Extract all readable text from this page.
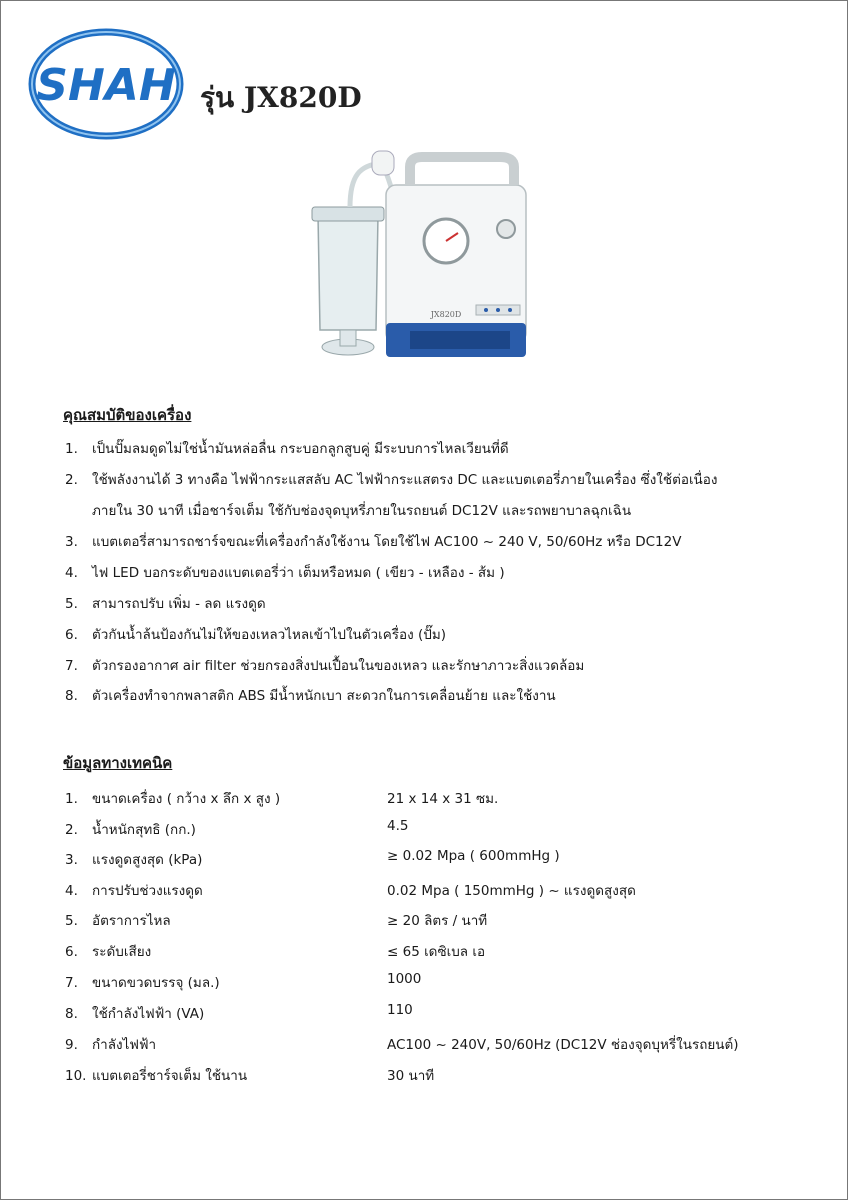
SHAH รุ่น JX820D
JX820D
คุณสมบัติของเครื่อง
1. เป็นปั๊มลมดูดไม่ใช่น้ำมันหล่อลื่น กระบอกลูกสูบคู่ มีระบบการไหลเวียนที่ดี
2. ใช้พลังงานได้ 3 ทางคือ ไฟฟ้ากระแสสลับ AC ไฟฟ้ากระแสตรง DC และแบตเตอรี่ภายในเครื่อง ซึ่งใช้ต่อเนื่อง
ภายใน 30 นาที เมื่อชาร์จเต็ม ใช้กับช่องจุดบุหรี่ภายในรถยนต์ DC12V และรถพยาบาลฉุกเฉิน
3. แบตเตอรี่สามารถชาร์จขณะที่เครื่องกำลังใช้งาน โดยใช้ไฟ AC100 ~ 240 V, 50/60Hz หรือ DC12V
4. ไฟ LED บอกระดับของแบตเตอรี่ว่า เต็มหรือหมด ( เขียว - เหลือง - ส้ม )
5. สามารถปรับ เพิ่ม - ลด แรงดูด
6. ตัวกันน้ำล้นป้องกันไม่ให้ของเหลวไหลเข้าไปในตัวเครื่อง (ปั๊ม)
7. ตัวกรองอากาศ air filter ช่วยกรองสิ่งปนเปื้อนในของเหลว และรักษาภาวะสิ่งแวดล้อม
8. ตัวเครื่องทำจากพลาสติก ABS มีน้ำหนักเบา สะดวกในการเคลื่อนย้าย และใช้งาน
ข้อมูลทางเทคนิค
1. ขนาดเครื่อง ( กว้าง x ลึก x สูง )	21 x 14 x 31 ซม.
2. น้ำหนักสุทธิ (กก.)	4.5
3. แรงดูดสูงสุด (kPa)	≥ 0.02 Mpa ( 600mmHg )
4. การปรับช่วงแรงดูด	0.02 Mpa ( 150mmHg ) ~ แรงดูดสูงสุด
5. อัตราการไหล	≥ 20 ลิตร / นาที
6. ระดับเสียง	≤ 65 เดซิเบล เอ
7. ขนาดขวดบรรจุ (มล.)	1000
8. ใช้กำลังไฟฟ้า (VA)	110
9. กำลังไฟฟ้า	AC100 ~ 240V, 50/60Hz (DC12V ช่องจุดบุหรี่ในรถยนต์)
10. แบตเตอรี่ชาร์จเต็ม ใช้นาน	30 นาที
